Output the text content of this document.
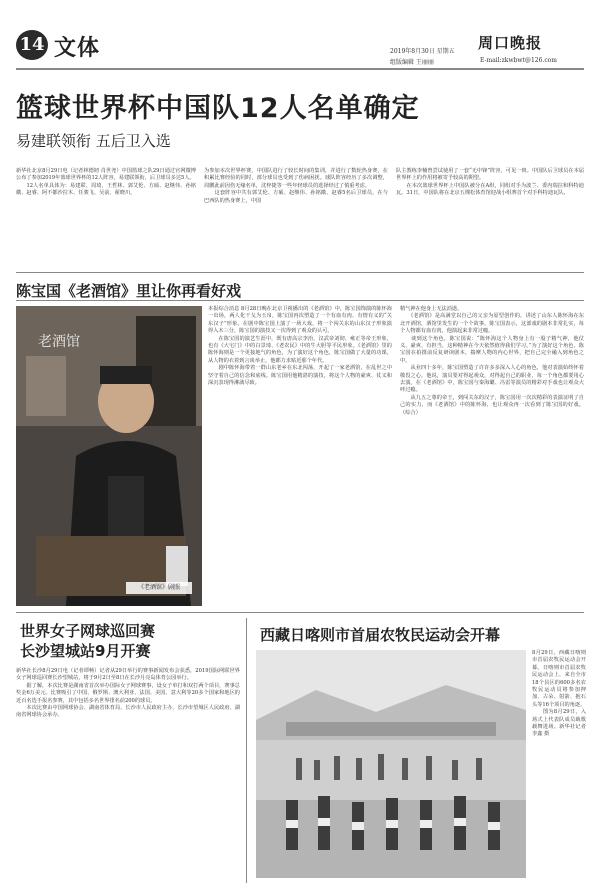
14 文体	2019年8月30日 星期五
组版编辑 王丽丽
周口晚报
E-mail:zkwbwt@126.com
篮球世界杯中国队12人名单确定
易建联领衔 五后卫入选
新华社北京8月29日电（记者林德韧 肖世尧）中国篮球之队29日通过官网微博公布了参加2019年篮球世界杯的12人阵容，易建联领衔，后卫球员多达5人。
　　12人名单具体为：易建联、周琦、王哲林、郭艾伦、方硕、赵继伟、孙铭徽、赵睿、阿不都沙拉木、任骏飞、吴前、翟晓川。
为参加本次世界杯赛，中国队进行了较长时间的集训，并进行了数轮热身赛，在积累比赛经验的同时，部分球员也受到了伤病困扰。球队阵容经历了多次调整，周鹏此前因伤无缘名单，沈梓捷等一些年轻球员的选择经过了慎重考虑。
　　这套阵容中共有郭艾伦、方硕、赵继伟、孙铭徽、赵睿5名后卫球员，在与巴西队的热身赛上，中国
队主教练李楠曾尝试使用了一套“无中锋”阵容，可见一斑。中国队后卫球员在本届世界杯上的作用将被寄予较高的期望。
　　在本次篮球世界杯上中国队被分在A组，同组对手为波兰、委内瑞拉和科特迪瓦。31日，中国队将在北京五棵松体育馆迎战小组赛首个对手科特迪瓦队。
陈宝国《老酒馆》里让你再看好戏
老酒馆
《老酒馆》剧照
本报综合消息 8月28日晚在北京卫视播出的《老酒馆》中，陈宝国饰演的陈怀海一出场，两人化干戈为玉帛，陈宝国再次塑造了一个有血有肉、有情有义的“关东汉子”形象。在剧中陈宝国上演了一场大戏，将一个闯关东的山东汉子形象演得入木三分，陈宝国的演技又一次得到了观众的认可。
　　在陈宝国的演艺生涯中，既有唐高宗李治、汉武帝刘彻、雍正等帝王形象，也有《大宅门》中的白景琦、《老农民》中的牛大胆等平民形象。《老酒馆》里的陈怀海则是一个更接地气的角色，为了演好这个角色，陈宝国做了大量的功课，从人物的衣着到言谈举止，他都力求贴近那个年代。
　　剧中陈怀海带着一群山东老乡在东北闯荡，开起了一家老酒馆，在乱世之中坚守着自己的信念和底线。陈宝国用他精湛的演技，将这个人物的豪爽、仗义和深沉表现得淋漓尽致。
精气神在他身上无法消逝。
　　《老酒馆》是高满堂以自己的父亲为原型创作的，讲述了山东人陈怀海在东北开酒馆，酒馆里发生的一个个故事。陈宝国表示，这部戏的剧本非常扎实，每个人物都有血有肉，他演起来非常过瘾。
　　谈到这个角色，陈宝国说：“陈怀海这个人物身上有一股子精气神，他仗义、豪爽、有担当，这种精神在今天依然值得我们学习。”为了演好这个角色，陈宝国在拍摄前反复研读剧本，揣摩人物的内心世界，把自己完全融入到角色之中。
　　从业四十多年，陈宝国塑造了许许多多深入人心的角色，他对表演始终怀着敬畏之心。他说，演员要对得起观众，对得起自己的职业，每一个角色都要用心去演。在《老酒馆》中，陈宝国与秦海璐、冯雷等演员的精彩对手戏也让观众大呼过瘾。
　　从九五之尊的帝王，到闯关东的汉子，陈宝国用一次次精彩的表演证明了自己的实力，而《老酒馆》中的陈怀海，也让观众再一次看到了陈宝国的好戏。（综合）
世界女子网球巡回赛
长沙望城站9月开赛
新华社长沙8月29日电（记者谭畅）记者从29日举行的赛事新闻发布会获悉，2019国际网联世界女子网球巡回赛长沙望城站，将于9月2日至8日在长沙月亮岛体育公园举行。
　　据了解，本次比赛是湖南省首次举办国际女子网球赛事，设女子单打和双打两个项目，赛事总奖金6万美元。比赛吸引了中国、俄罗斯、澳大利亚、法国、美国、意大利等20多个国家和地区的近百名选手报名参赛，其中包括多名世界排名前200的球员。
　　本次比赛由中国网球协会、湖南省体育局、长沙市人民政府主办，长沙市望城区人民政府、湖南省网球协会承办。
西藏日喀则市首届农牧民运动会开幕
8月29日，西藏日喀则市首届农牧民运动会开幕。日喀则市首届农牧民运动会上，来自全市18个县区的600多名农牧民运动员将参加押加、古朵、射箭、抱石头等16个项目的角逐。
　　图为8月29日，入场式上代表队成员载歌载舞进场。新华社记者 李鑫 摄
